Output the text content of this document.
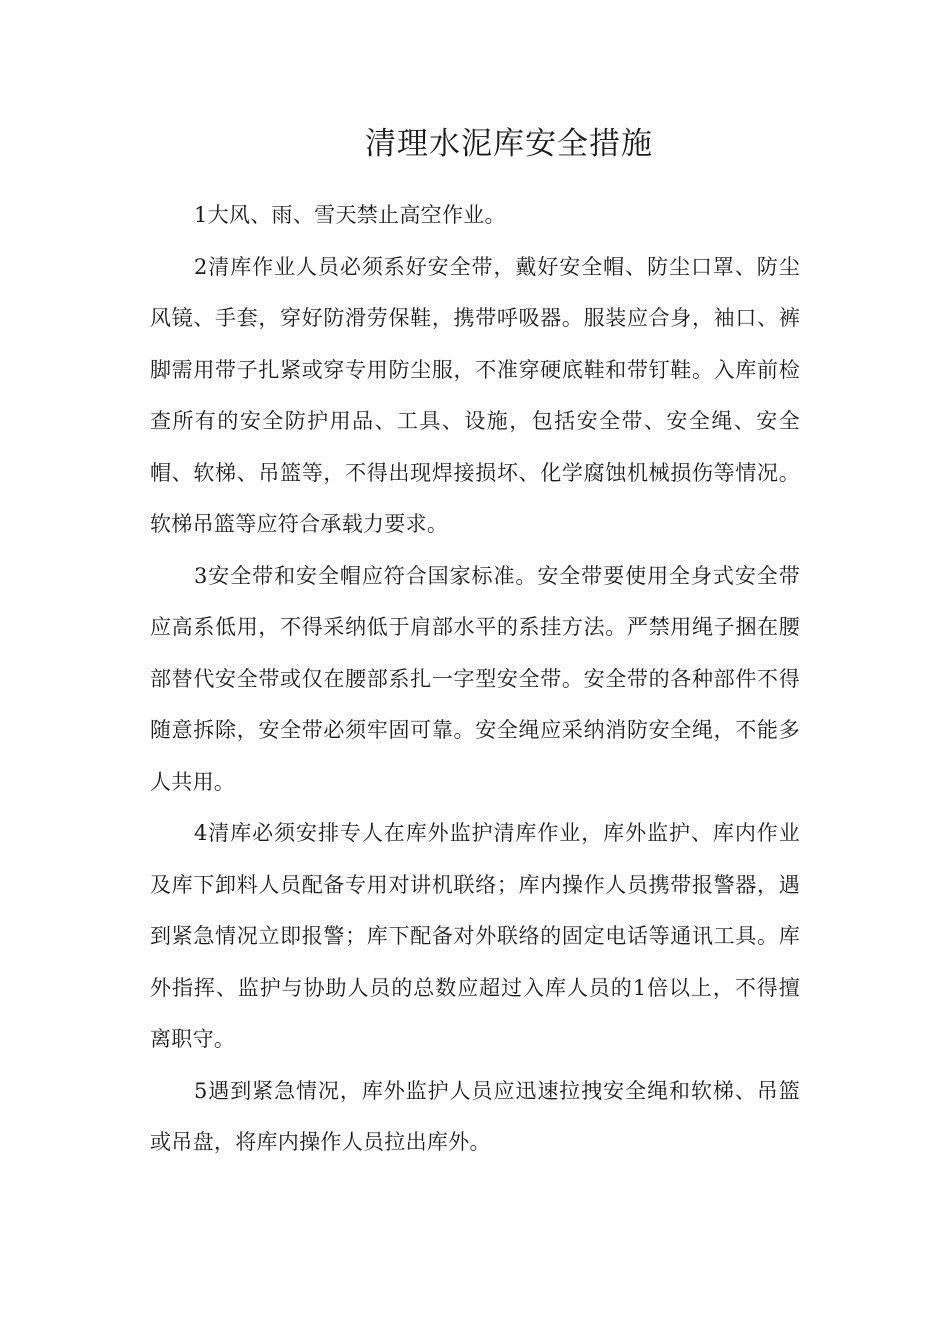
清理水泥库安全措施

1大风、雨、雪天禁止高空作业。

2清库作业人员必须系好安全带，戴好安全帽、防尘口罩、防尘风镜、手套，穿好防滑劳保鞋，携带呼吸器。服装应合身，袖口、裤脚需用带子扎紧或穿专用防尘服，不准穿硬底鞋和带钉鞋。入库前检查所有的安全防护用品、工具、设施，包括安全带、安全绳、安全帽、软梯、吊篮等，不得出现焊接损坏、化学腐蚀机械损伤等情况。软梯吊篮等应符合承载力要求。

3安全带和安全帽应符合国家标准。安全带要使用全身式安全带应高系低用，不得采纳低于肩部水平的系挂方法。严禁用绳子捆在腰部替代安全带或仅在腰部系扎一字型安全带。安全带的各种部件不得随意拆除，安全带必须牢固可靠。安全绳应采纳消防安全绳，不能多人共用。

4清库必须安排专人在库外监护清库作业，库外监护、库内作业及库下卸料人员配备专用对讲机联络；库内操作人员携带报警器，遇到紧急情况立即报警；库下配备对外联络的固定电话等通讯工具。库外指挥、监护与协助人员的总数应超过入库人员的1倍以上，不得擅离职守。

5遇到紧急情况，库外监护人员应迅速拉拽安全绳和软梯、吊篮或吊盘，将库内操作人员拉出库外。
